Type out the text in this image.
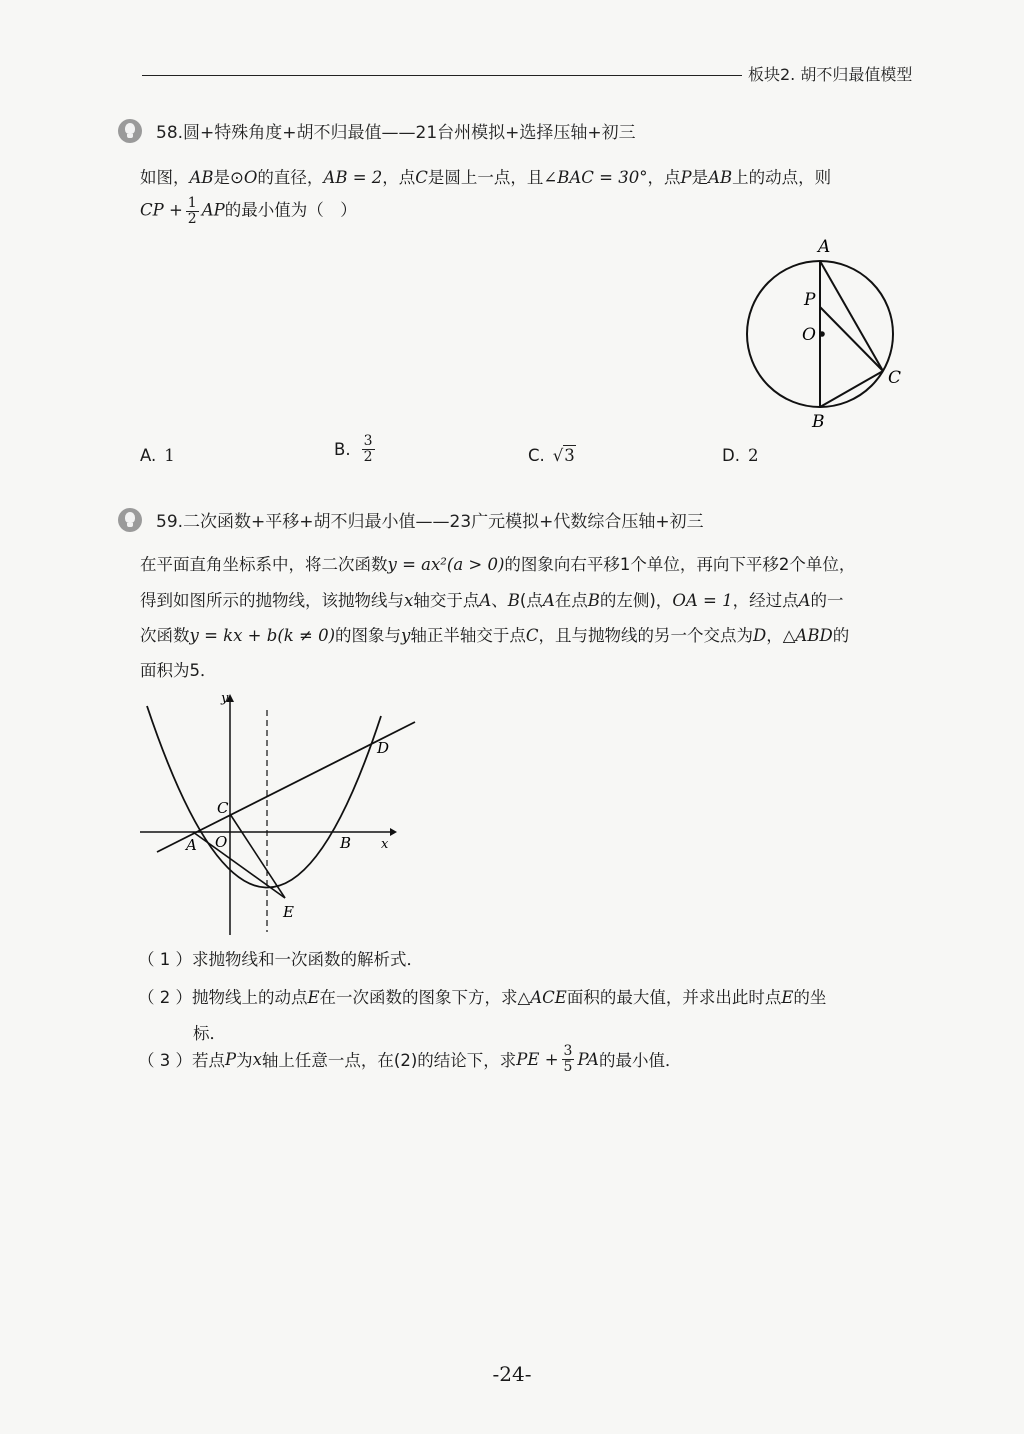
板块2. 胡不归最值模型
58.圆+特殊角度+胡不归最值——21台州模拟+选择压轴+初三
如图，AB是⊙O的直径，AB = 2，点C是圆上一点，且∠BAC = 30°，点P是AB上的动点，则
CP + $\frac{1}{2}$ AP的最小值为（　）
A
P
O
C
B
A. 1	B. $\frac{3}{2}$	C. √3	D. 2
59.二次函数+平移+胡不归最小值——23广元模拟+代数综合压轴+初三
在平面直角坐标系中，将二次函数y = ax²(a > 0)的图象向右平移1个单位，再向下平移2个单位，
得到如图所示的抛物线，该抛物线与x轴交于点A、B(点A在点B的左侧)，OA = 1，经过点A的一
次函数y = kx + b(k ≠ 0)的图象与y轴正半轴交于点C，且与抛物线的另一个交点为D，△ABD的
面积为5．
y
x
D
C
A O	B
E
（ 1 ）求抛物线和一次函数的解析式．
（ 2 ）抛物线上的动点E在一次函数的图象下方，求△ACE面积的最大值，并求出此时点E的坐
标．
（ 3 ） 若点 P 为 x 轴上任意一点，在(2)的结论下，求 PE + $\frac{3}{5}$ PA 的最小值．
-24-
